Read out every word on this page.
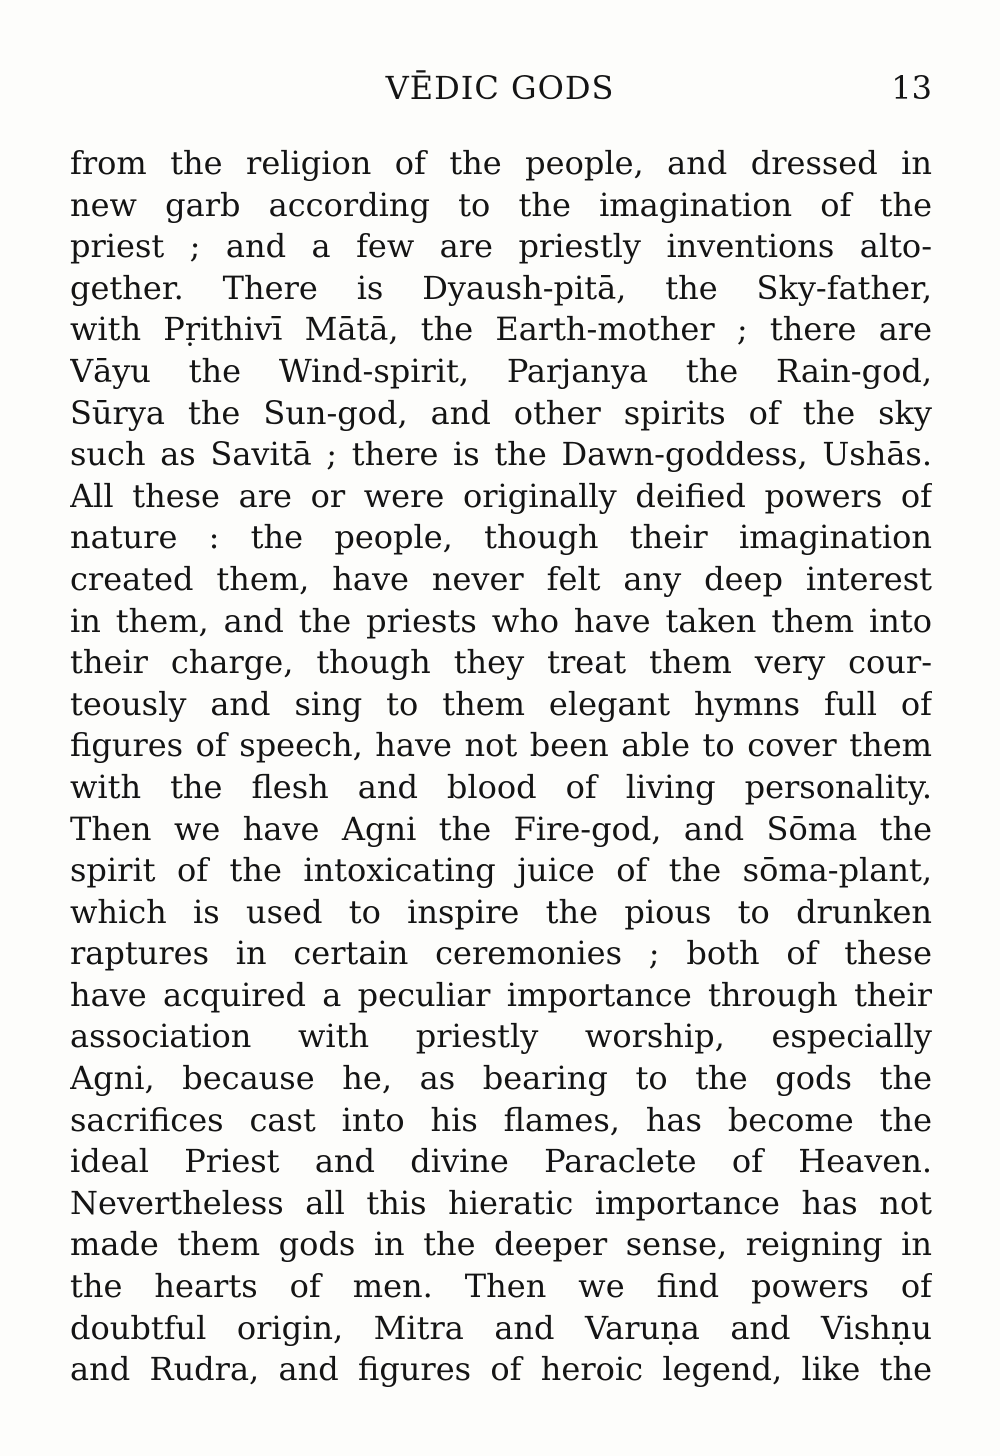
VĒDIC GODS	13
from the religion of the people, and dressed in
new garb according to the imagination of the
priest ; and a few are priestly inventions alto-
gether. There is Dyaush-pitā, the Sky-father,
with Pṛithivī Mātā, the Earth-mother ; there are
Vāyu the Wind-spirit, Parjanya the Rain-god,
Sūrya the Sun-god, and other spirits of the sky
such as Savitā ; there is the Dawn-goddess, Ushās.
All these are or were originally deified powers of
nature : the people, though their imagination
created them, have never felt any deep interest
in them, and the priests who have taken them into
their charge, though they treat them very cour-
teously and sing to them elegant hymns full of
figures of speech, have not been able to cover them
with the flesh and blood of living personality.
Then we have Agni the Fire-god, and Sōma the
spirit of the intoxicating juice of the sōma-plant,
which is used to inspire the pious to drunken
raptures in certain ceremonies ; both of these
have acquired a peculiar importance through their
association with priestly worship, especially
Agni, because he, as bearing to the gods the
sacrifices cast into his flames, has become the
ideal Priest and divine Paraclete of Heaven.
Nevertheless all this hieratic importance has not
made them gods in the deeper sense, reigning in
the hearts of men. Then we find powers of
doubtful origin, Mitra and Varuṇa and Vishṇu
and Rudra, and figures of heroic legend, like the
